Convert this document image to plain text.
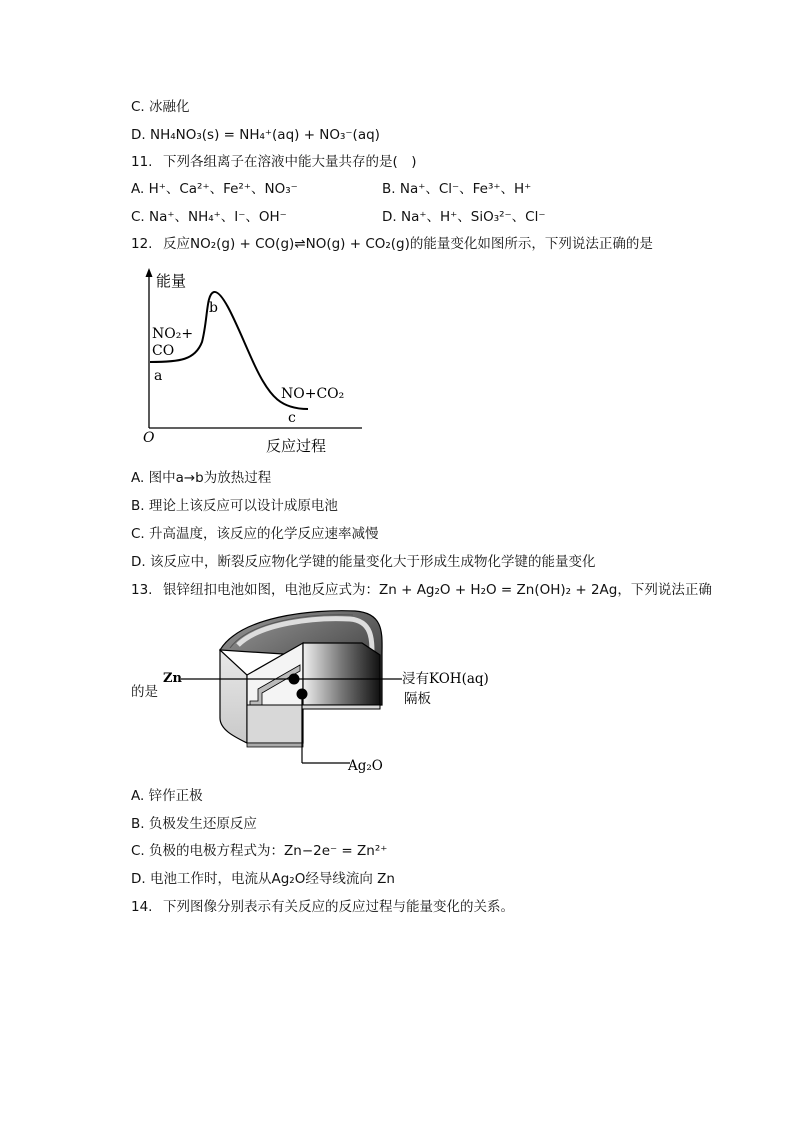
C. 冰融化
D. NH₄NO₃(s) = NH₄⁺(aq) + NO₃⁻(aq)
11. 下列各组离子在溶液中能大量共存的是(　)
A. H⁺、Ca²⁺、Fe²⁺、NO₃⁻	B. Na⁺、Cl⁻、Fe³⁺、H⁺
C. Na⁺、NH₄⁺、I⁻、OH⁻	D. Na⁺、H⁺、SiO₃²⁻、Cl⁻
12. 反应NO₂(g) + CO(g)⇌NO(g) + CO₂(g)的能量变化如图所示，下列说法正确的是
能量
反应过程
O
NO₂+
CO
a
b
c
NO+CO₂
A. 图中a→b为放热过程
B. 理论上该反应可以设计成原电池
C. 升高温度，该反应的化学反应速率减慢
D. 该反应中，断裂反应物化学键的能量变化大于形成生成物化学键的能量变化
13. 银锌纽扣电池如图，电池反应式为：Zn + Ag₂O + H₂O = Zn(OH)₂ + 2Ag，下列说法正确
Zn	浸有KOH(aq)
隔板
Ag₂O
的是
A. 锌作正极
B. 负极发生还原反应
C. 负极的电极方程式为：Zn−2e⁻ = Zn²⁺
D. 电池工作时，电流从Ag₂O经导线流向 Zn
14. 下列图像分别表示有关反应的反应过程与能量变化的关系。
